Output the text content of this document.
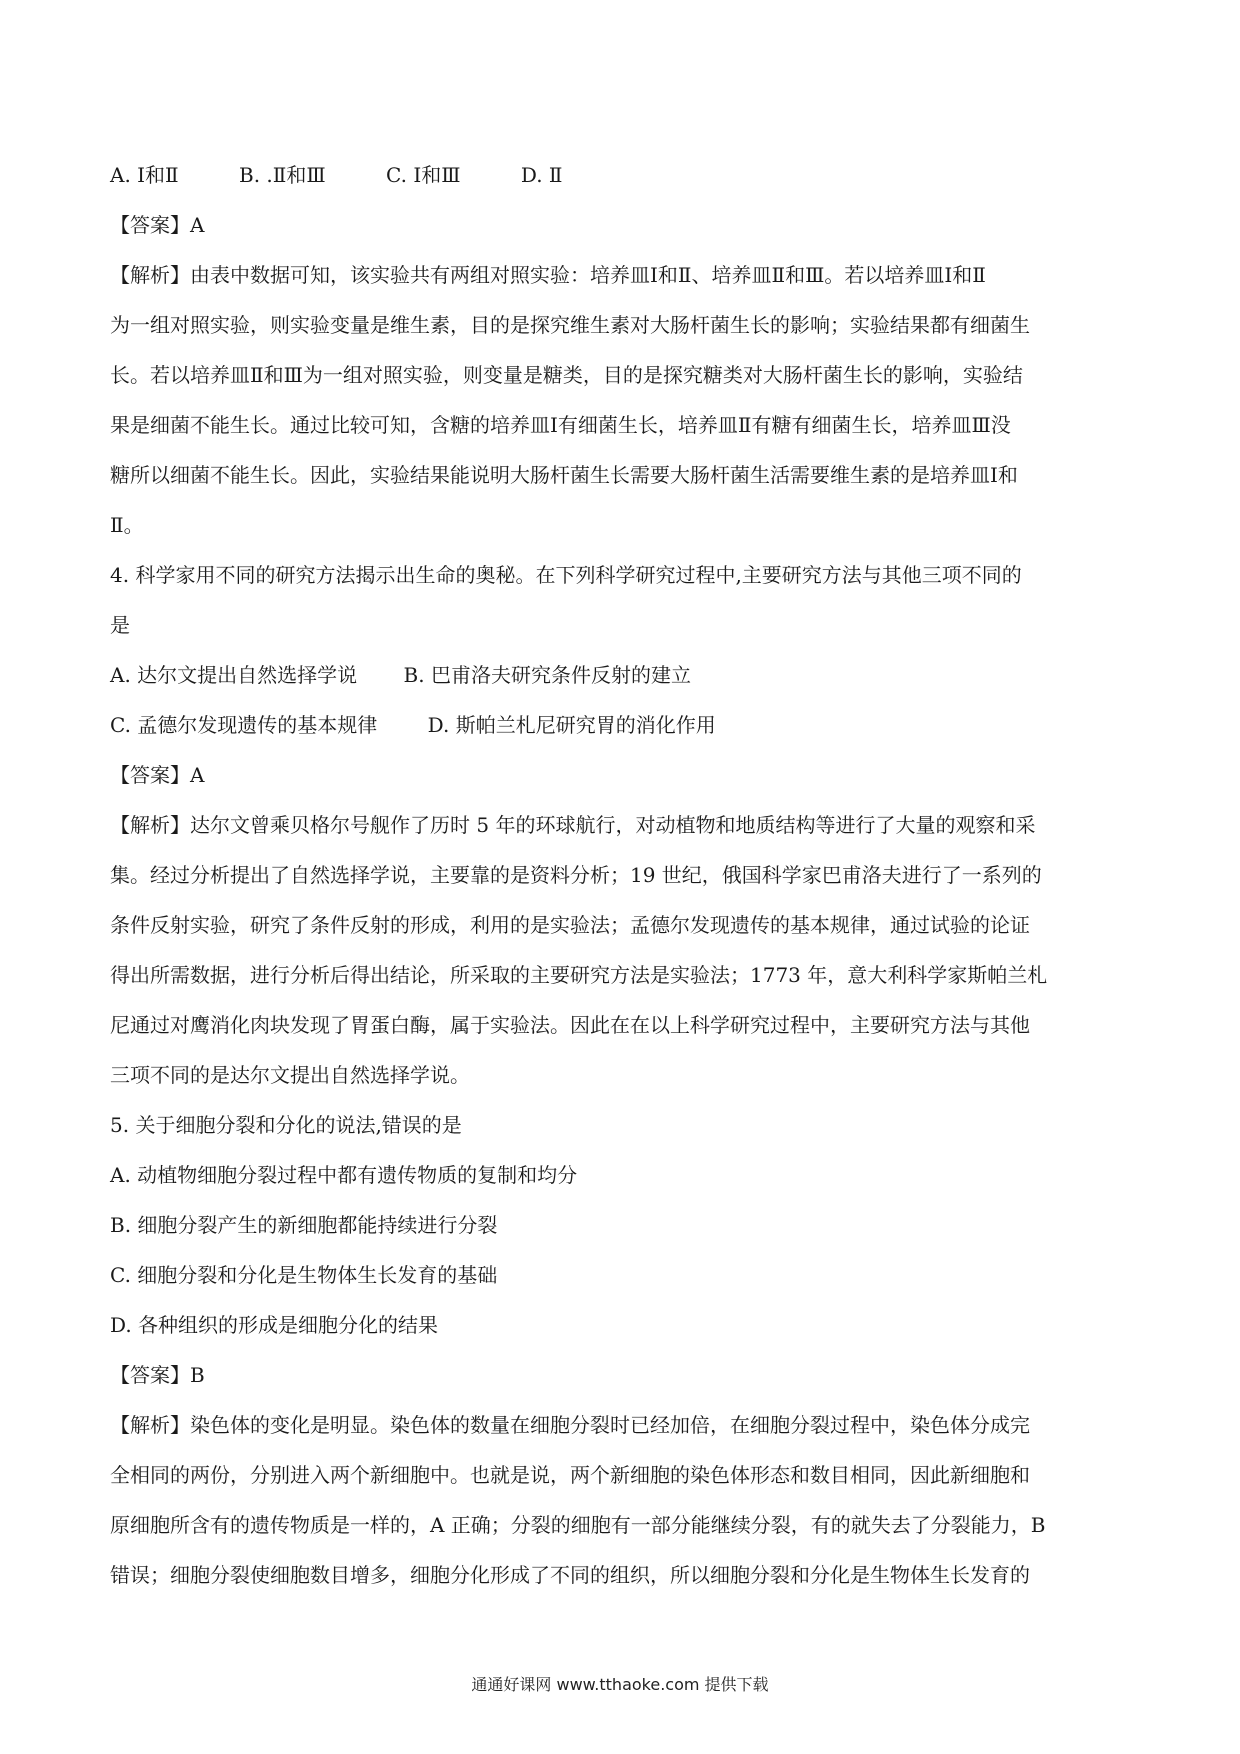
A. Ⅰ和Ⅱ	B. .Ⅱ和Ⅲ	C. Ⅰ和Ⅲ	D. Ⅱ
【答案】A
【解析】由表中数据可知，该实验共有两组对照实验：培养皿Ⅰ和Ⅱ、培养皿Ⅱ和Ⅲ。若以培养皿Ⅰ和Ⅱ
为一组对照实验，则实验变量是维生素，目的是探究维生素对大肠杆菌生长的影响；实验结果都有细菌生
长。若以培养皿Ⅱ和Ⅲ为一组对照实验，则变量是糖类，目的是探究糖类对大肠杆菌生长的影响，实验结
果是细菌不能生长。通过比较可知，含糖的培养皿Ⅰ有细菌生长，培养皿Ⅱ有糖有细菌生长，培养皿Ⅲ没
糖所以细菌不能生长。因此，实验结果能说明大肠杆菌生长需要大肠杆菌生活需要维生素的是培养皿Ⅰ和
Ⅱ。
4. 科学家用不同的研究方法揭示出生命的奥秘。在下列科学研究过程中,主要研究方法与其他三项不同的
是
A. 达尔文提出自然选择学说 B. 巴甫洛夫研究条件反射的建立
C. 孟德尔发现遗传的基本规律	D. 斯帕兰札尼研究胃的消化作用
【答案】A
【解析】达尔文曾乘贝格尔号舰作了历时 5 年的环球航行，对动植物和地质结构等进行了大量的观察和采
集。经过分析提出了自然选择学说，主要靠的是资料分析；19 世纪，俄国科学家巴甫洛夫进行了一系列的
条件反射实验，研究了条件反射的形成，利用的是实验法；孟德尔发现遗传的基本规律，通过试验的论证
得出所需数据，进行分析后得出结论，所采取的主要研究方法是实验法；1773 年，意大利科学家斯帕兰札
尼通过对鹰消化肉块发现了胃蛋白酶，属于实验法。因此在在以上科学研究过程中，主要研究方法与其他
三项不同的是达尔文提出自然选择学说。
5. 关于细胞分裂和分化的说法,错误的是
A. 动植物细胞分裂过程中都有遗传物质的复制和均分
B. 细胞分裂产生的新细胞都能持续进行分裂
C. 细胞分裂和分化是生物体生长发育的基础
D. 各种组织的形成是细胞分化的结果
【答案】B
【解析】染色体的变化是明显。染色体的数量在细胞分裂时已经加倍，在细胞分裂过程中，染色体分成完
全相同的两份，分别进入两个新细胞中。也就是说，两个新细胞的染色体形态和数目相同，因此新细胞和
原细胞所含有的遗传物质是一样的，A 正确；分裂的细胞有一部分能继续分裂，有的就失去了分裂能力，B
错误；细胞分裂使细胞数目增多，细胞分化形成了不同的组织，所以细胞分裂和分化是生物体生长发育的
通通好课网 www.tthaoke.com 提供下载
